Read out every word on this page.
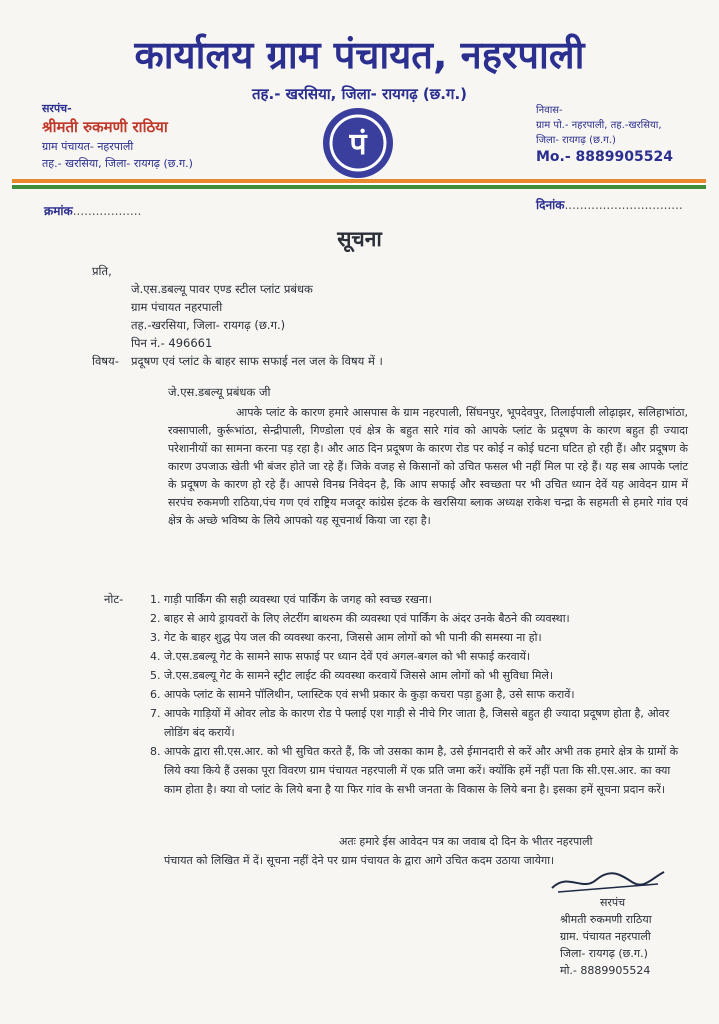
कार्यालय ग्राम पंचायत, नहरपाली
तह.- खरसिया, जिला- रायगढ़ (छ.ग.)
सरपंच-
श्रीमती रुकमणी राठिया
ग्राम पंचायत- नहरपाली
तह.- खरसिया, जिला- रायगढ़ (छ.ग.)
पं
निवास-
ग्राम पो.- नहरपाली, तह.-खरसिया,
जिला- रायगढ़ (छ.ग.)
Mo.- 8889905524
क्रमांक..................	दिनांक...............................
सूचना
प्रति,
जे.एस.डबल्यू पावर एण्ड स्टील प्लांट प्रबंधक
ग्राम पंचायत नहरपाली
तह.-खरसिया, जिला- रायगढ़ (छ.ग.)
पिन नं.- 496661
विषय- प्रदूषण एवं प्लांट के बाहर साफ सफाई नल जल के विषय में ।
जे.एस.डबल्यू प्रबंधक जी
आपके प्लांट के कारण हमारे आसपास के ग्राम नहरपाली, सिंघनपुर, भूपदेवपुर, तिलाईपाली लोढ़ाझर, सलिहाभांठा, रक्सापाली, कुर्रूभांठा, सेन्द्रीपाली, गिण्डोला एवं क्षेत्र के बहुत सारे गांव को आपके प्लांट के प्रदूषण के कारण बहुत ही ज्यादा परेशानीयों का सामना करना पड़ रहा है। और आठ दिन प्रदूषण के कारण रोड पर कोई न कोई घटना घटित हो रही हैं। और प्रदूषण के कारण उपजाऊ खेती भी बंजर होते जा रहे हैं। जिके वजह से किसानों को उचित फसल भी नहीं मिल पा रहे हैं। यह सब आपके प्लांट के प्रदूषण के कारण हो रहे हैं। आपसे विनम्र निवेदन है, कि आप सफाई और स्वच्छता पर भी उचित ध्यान देवें यह आवेदन ग्राम में सरपंच रुकमणी राठिया,पंच गण एवं राष्ट्रिय मजदूर कांग्रेस इंटक के खरसिया ब्लाक अध्यक्ष राकेश चन्द्रा के सहमती से हमारे गांव एवं क्षेत्र के अच्छे भविष्य के लिये आपको यह सूचनार्थ किया जा रहा है।
नोट- 1. गाड़ी पार्किंग की सही व्यवस्था एवं पार्किंग के जगह को स्वच्छ रखना।
2. बाहर से आये ड्रायवरों के लिए लेटरींग बाथरुम की व्यवस्था एवं पार्किंग के अंदर उनके बैठने की व्यवस्था।
3. गेट के बाहर शुद्ध पेय जल की व्यवस्था करना, जिससे आम लोगों को भी पानी की समस्या ना हो।
4. जे.एस.डबल्यू गेट के सामने साफ सफाई पर ध्यान देवें एवं अगल-बगल को भी सफाई करवायें।
5. जे.एस.डबल्यू गेट के सामने स्ट्रीट लाईट की व्यवस्था करवायें जिससे आम लोगों को भी सुविधा मिले।
6. आपके प्लांट के सामने पॉलिथीन, प्लास्टिक एवं सभी प्रकार के कुड़ा कचरा पड़ा हुआ है, उसे साफ करावें।
7. आपके गाड़ियों में ओवर लोड के कारण रोड पे फ्लाई एश गाड़ी से नीचे गिर जाता है, जिससे बहुत ही ज्यादा प्रदूषण होता है, ओवर लोडिंग बंद करायें।
8. आपके द्वारा सी.एस.आर. को भी सुचित करते हैं, कि जो उसका काम है, उसे ईमानदारी से करें और अभी तक हमारे क्षेत्र के ग्रामों के लिये क्या किये हैं उसका पूरा विवरण ग्राम पंचायत नहरपाली में एक प्रति जमा करें। क्योंकि हमें नहीं पता कि सी.एस.आर. का क्या काम होता है। क्या वो प्लांट के लिये बना है या फिर गांव के सभी जनता के विकास के लिये बना है। इसका हमें सूचना प्रदान करें।
अतः हमारे ईस आवेदन पत्र का जवाब दो दिन के भीतर नहरपाली
पंचायत को लिखित में दें। सूचना नहीं देने पर ग्राम पंचायत के द्वारा आगे उचित कदम उठाया जायेगा।
सरपंच
श्रीमती रुकमणी राठिया
ग्राम. पंचायत नहरपाली
जिला- रायगढ़ (छ.ग.)
मो.- 8889905524
